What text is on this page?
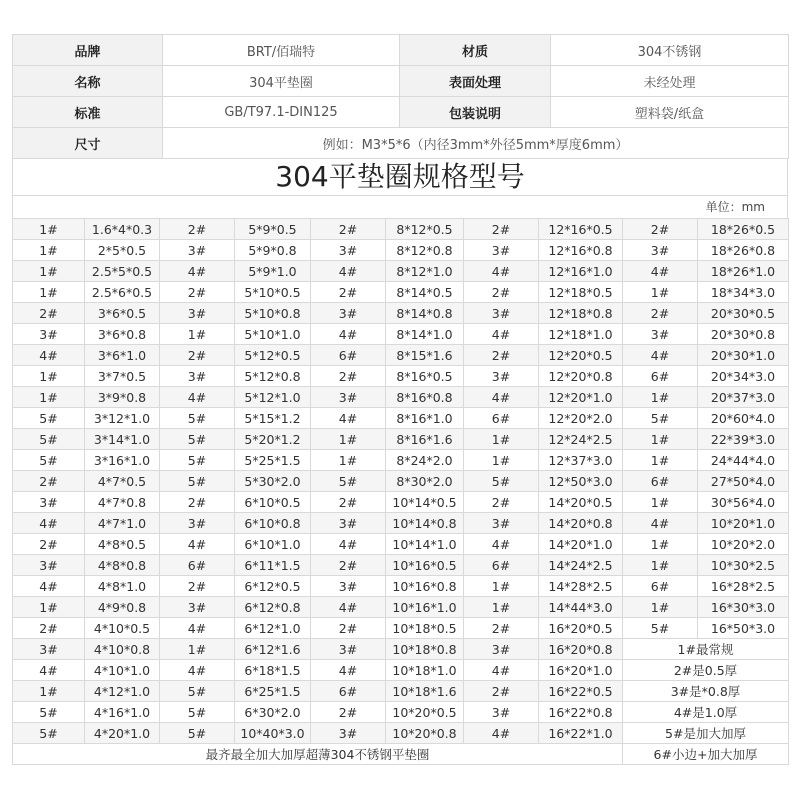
品牌	BRT/佰瑞特	材质	304不锈钢
名称	304平垫圈	表面处理	未经处理
标准	GB/T97.1-DIN125	包装说明	塑料袋/纸盒
尺寸	例如：M3*5*6（内径3mm*外径5mm*厚度6mm）		
304平垫圈规格型号
单位：mm
1#	1.6*4*0.3	2#	5*9*0.5	2#	8*12*0.5	2#	12*16*0.5	2#	18*26*0.5
1#	2*5*0.5	3#	5*9*0.8	3#	8*12*0.8	3#	12*16*0.8	3#	18*26*0.8
1#	2.5*5*0.5	4#	5*9*1.0	4#	8*12*1.0	4#	12*16*1.0	4#	18*26*1.0
1#	2.5*6*0.5	2#	5*10*0.5	2#	8*14*0.5	2#	12*18*0.5	1#	18*34*3.0
2#	3*6*0.5	3#	5*10*0.8	3#	8*14*0.8	3#	12*18*0.8	2#	20*30*0.5
3#	3*6*0.8	1#	5*10*1.0	4#	8*14*1.0	4#	12*18*1.0	3#	20*30*0.8
4#	3*6*1.0	2#	5*12*0.5	6#	8*15*1.6	2#	12*20*0.5	4#	20*30*1.0
1#	3*7*0.5	3#	5*12*0.8	2#	8*16*0.5	3#	12*20*0.8	6#	20*34*3.0
1#	3*9*0.8	4#	5*12*1.0	3#	8*16*0.8	4#	12*20*1.0	1#	20*37*3.0
5#	3*12*1.0	5#	5*15*1.2	4#	8*16*1.0	6#	12*20*2.0	5#	20*60*4.0
5#	3*14*1.0	5#	5*20*1.2	1#	8*16*1.6	1#	12*24*2.5	1#	22*39*3.0
5#	3*16*1.0	5#	5*25*1.5	1#	8*24*2.0	1#	12*37*3.0	1#	24*44*4.0
2#	4*7*0.5	5#	5*30*2.0	5#	8*30*2.0	5#	12*50*3.0	6#	27*50*4.0
3#	4*7*0.8	2#	6*10*0.5	2#	10*14*0.5	2#	14*20*0.5	1#	30*56*4.0
4#	4*7*1.0	3#	6*10*0.8	3#	10*14*0.8	3#	14*20*0.8	4#	10*20*1.0
2#	4*8*0.5	4#	6*10*1.0	4#	10*14*1.0	4#	14*20*1.0	1#	10*20*2.0
3#	4*8*0.8	6#	6*11*1.5	2#	10*16*0.5	6#	14*24*2.5	1#	10*30*2.5
4#	4*8*1.0	2#	6*12*0.5	3#	10*16*0.8	1#	14*28*2.5	6#	16*28*2.5
1#	4*9*0.8	3#	6*12*0.8	4#	10*16*1.0	1#	14*44*3.0	1#	16*30*3.0
2#	4*10*0.5	4#	6*12*1.0	2#	10*18*0.5	2#	16*20*0.5	5#	16*50*3.0
3#	4*10*0.8	1#	6*12*1.6	3#	10*18*0.8	3#	16*20*0.8	1#最常规	
4#	4*10*1.0	4#	6*18*1.5	4#	10*18*1.0	4#	16*20*1.0	2#是0.5厚	
1#	4*12*1.0	5#	6*25*1.5	6#	10*18*1.6	2#	16*22*0.5	3#是*0.8厚	
5#	4*16*1.0	5#	6*30*2.0	2#	10*20*0.5	3#	16*22*0.8	4#是1.0厚	
5#	4*20*1.0	5#	10*40*3.0	3#	10*20*0.8	4#	16*22*1.0	5#是加大加厚	
最齐最全加大加厚超薄304不锈钢平垫圈								6#小边+加大加厚	
